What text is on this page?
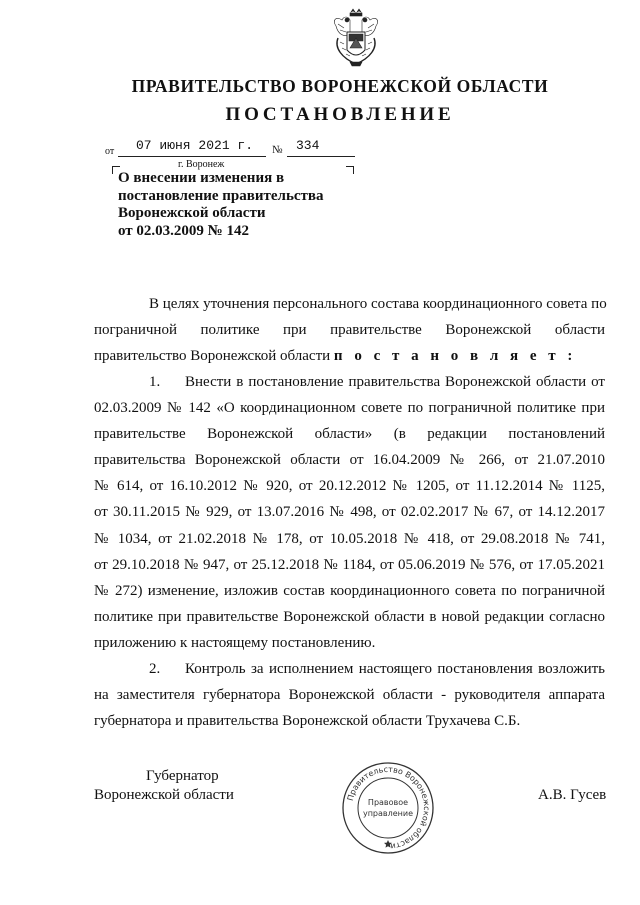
ПРАВИТЕЛЬСТВО ВОРОНЕЖСКОЙ ОБЛАСТИ
ПОСТАНОВЛЕНИЕ
от 07 июня 2021 г. № 334
г. Воронеж
О внесении изменения в
постановление правительства
Воронежской области
от 02.03.2009 № 142
В целях уточнения персонального состава координационного совета по
пограничной политике при правительстве Воронежской области
правительство Воронежской области п о с т а н о в л я е т :
1. Внести в постановление правительства Воронежской области от
02.03.2009 № 142 «О координационном совете по пограничной политике при
правительстве Воронежской области» (в редакции постановлений
правительства Воронежской области от 16.04.2009 № 266, от 21.07.2010
№ 614, от 16.10.2012 № 920, от 20.12.2012 № 1205, от 11.12.2014 № 1125,
от 30.11.2015 № 929, от 13.07.2016 № 498, от 02.02.2017 № 67, от 14.12.2017
№ 1034, от 21.02.2018 № 178, от 10.05.2018 № 418, от 29.08.2018 № 741,
от 29.10.2018 № 947, от 25.12.2018 № 1184, от 05.06.2019 № 576, от 17.05.2021
№ 272) изменение, изложив состав координационного совета по пограничной
политике при правительстве Воронежской области в новой редакции согласно
приложению к настоящему постановлению.
2. Контроль за исполнением настоящего постановления возложить
на заместителя губернатора Воронежской области - руководителя аппарата
губернатора и правительства Воронежской области Трухачева С.Б.
Губернатор
Воронежской области	А.В. Гусев
Правительство Воронежской области
Правовое
управление
